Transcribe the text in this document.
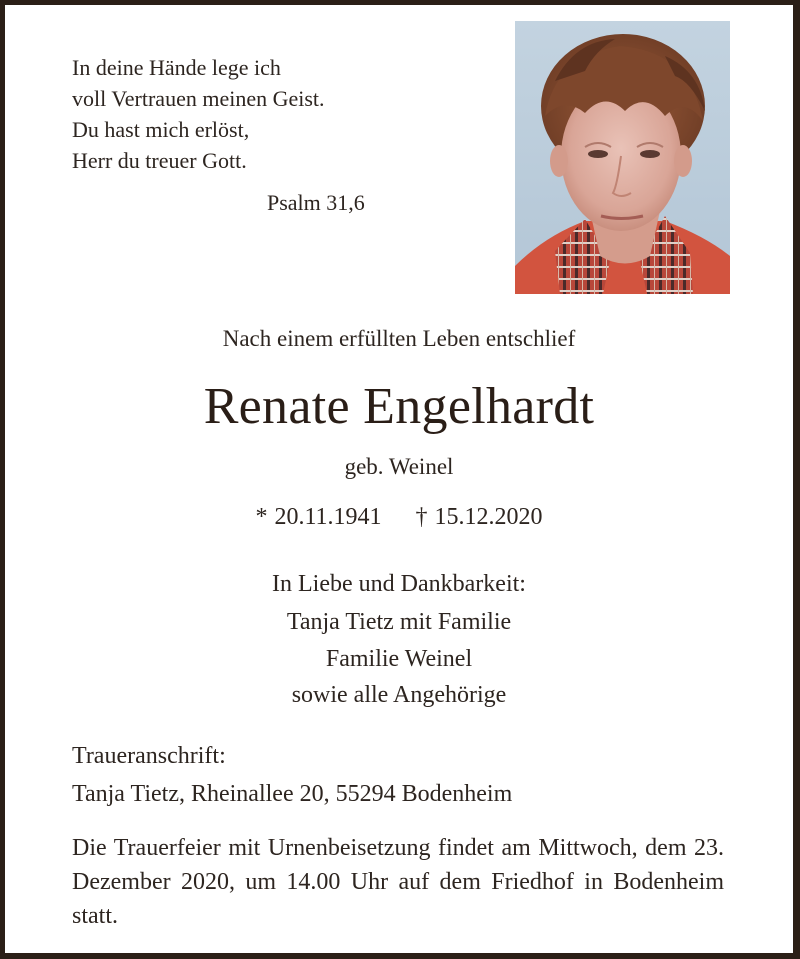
In deine Hände lege ich
voll Vertrauen meinen Geist.
Du hast mich erlöst,
Herr du treuer Gott.
Psalm 31,6
Nach einem erfüllten Leben entschlief
Renate Engelhardt
geb. Weinel
* 20.11.1941 † 15.12.2020
In Liebe und Dankbarkeit:
Tanja Tietz mit Familie
Familie Weinel
sowie alle Angehörige
Traueranschrift:
Tanja Tietz, Rheinallee 20, 55294 Bodenheim
Die Trauerfeier mit Urnenbeisetzung findet am Mittwoch, dem 23. Dezember 2020, um 14.00 Uhr auf dem Friedhof in Bodenheim statt.
